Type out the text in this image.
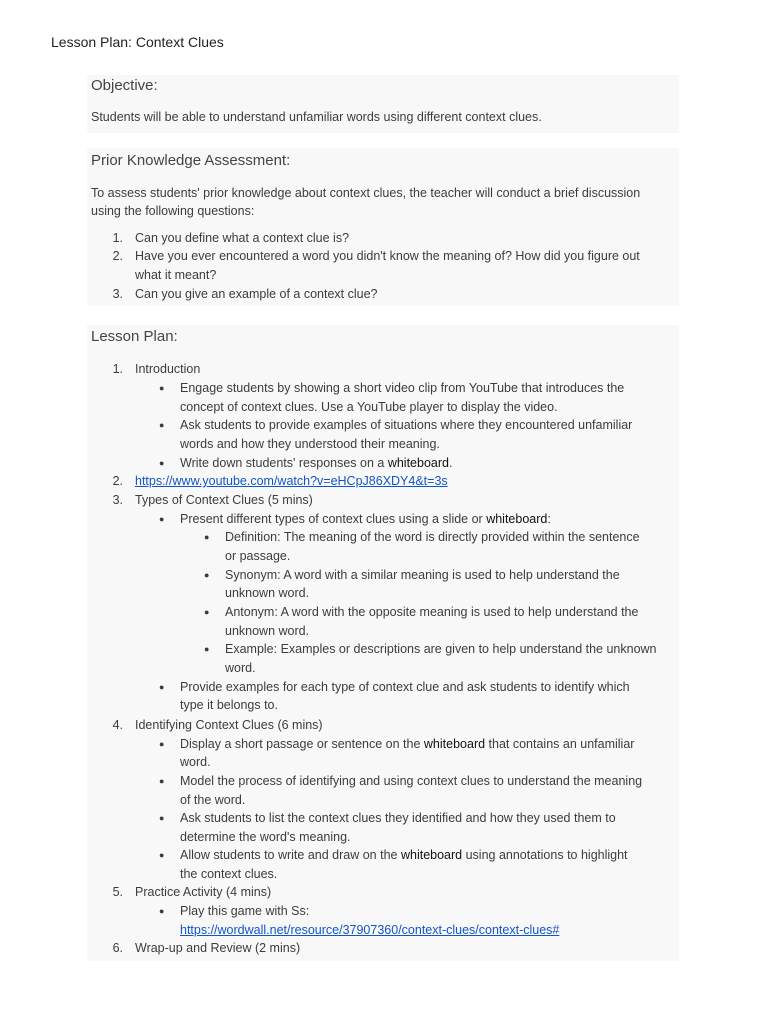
Lesson Plan: Context Clues
Objective:
Students will be able to understand unfamiliar words using different context clues.
Prior Knowledge Assessment:
To assess students' prior knowledge about context clues, the teacher will conduct a brief discussion
using the following questions:
1. Can you define what a context clue is?
2. Have you ever encountered a word you didn't know the meaning of? How did you figure out
what it meant?
3. Can you give an example of a context clue?
Lesson Plan:
1. Introduction
● Engage students by showing a short video clip from YouTube that introduces the
concept of context clues. Use a YouTube player to display the video.
● Ask students to provide examples of situations where they encountered unfamiliar
words and how they understood their meaning.
● Write down students' responses on a whiteboard.
2. https://www.youtube.com/watch?v=eHCpJ86XDY4&t=3s
3. Types of Context Clues (5 mins)
● Present different types of context clues using a slide or whiteboard:
● Definition: The meaning of the word is directly provided within the sentence
or passage.
● Synonym: A word with a similar meaning is used to help understand the
unknown word.
● Antonym: A word with the opposite meaning is used to help understand the
unknown word.
● Example: Examples or descriptions are given to help understand the unknown
word.
● Provide examples for each type of context clue and ask students to identify which
type it belongs to.
4. Identifying Context Clues (6 mins)
● Display a short passage or sentence on the whiteboard that contains an unfamiliar
word.
● Model the process of identifying and using context clues to understand the meaning
of the word.
● Ask students to list the context clues they identified and how they used them to
determine the word's meaning.
● Allow students to write and draw on the whiteboard using annotations to highlight
the context clues.
5. Practice Activity (4 mins)
● Play this game with Ss:
https://wordwall.net/resource/37907360/context-clues/context-clues#
6. Wrap-up and Review (2 mins)
